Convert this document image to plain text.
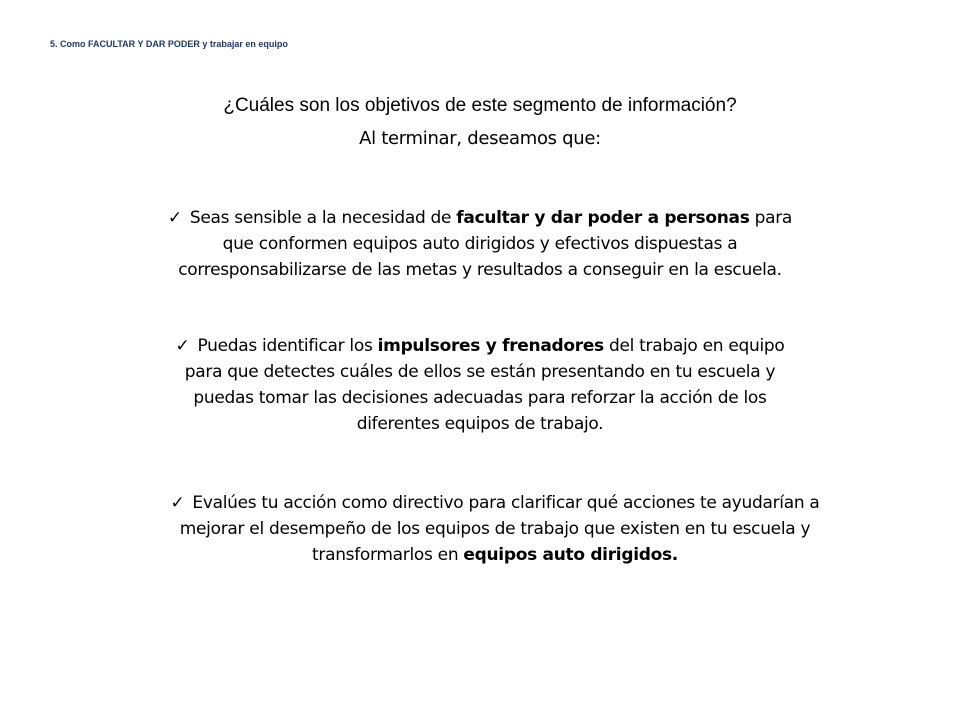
5. Como FACULTAR Y DAR PODER y trabajar en equipo
¿Cuáles son los objetivos de este segmento de información?
Al terminar, deseamos que:
✓ Seas sensible a la necesidad de facultar y dar poder a personas para que conformen equipos auto dirigidos y efectivos dispuestas a corresponsabilizarse de las metas y resultados a conseguir en la escuela.
✓ Puedas identificar los impulsores y frenadores del trabajo en equipo para que detectes cuáles de ellos se están presentando en tu escuela y puedas tomar las decisiones adecuadas para reforzar la acción de los diferentes equipos de trabajo.
✓ Evalúes tu acción como directivo para clarificar qué acciones te ayudarían a mejorar el desempeño de los equipos de trabajo que existen en tu escuela y transformarlos en equipos auto dirigidos.
